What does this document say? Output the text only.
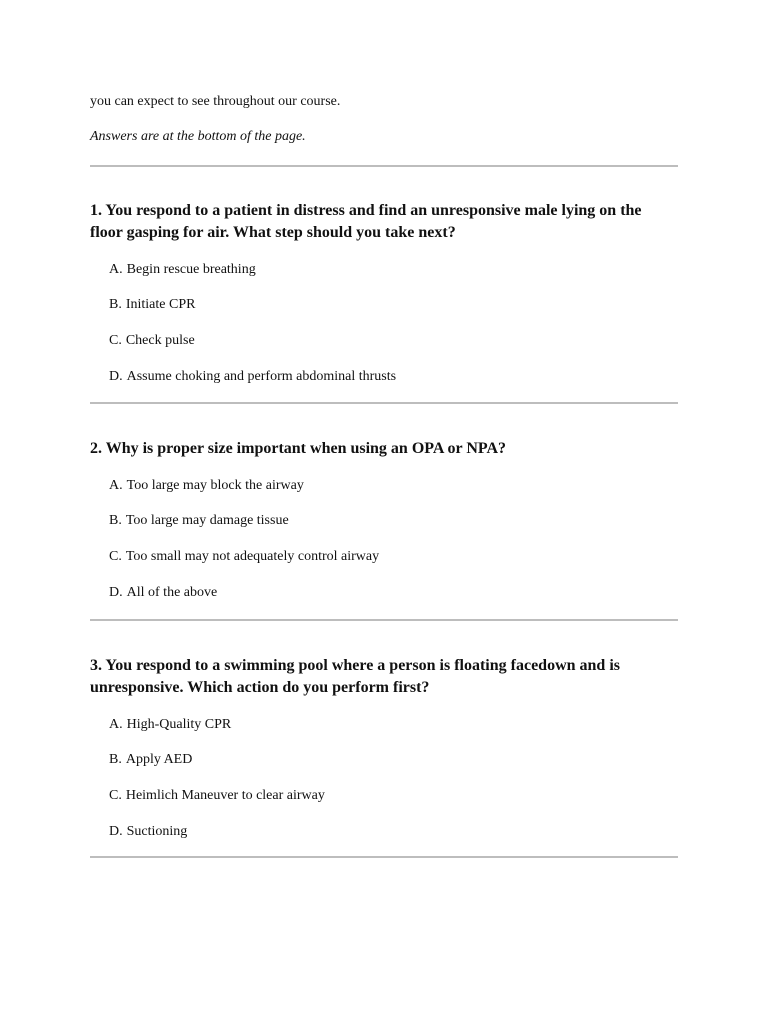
you can expect to see throughout our course.
Answers are at the bottom of the page.

1. You respond to a patient in distress and find an unresponsive male lying on the floor gasping for air. What step should you take next?

A. Begin rescue breathing
B. Initiate CPR
C. Check pulse
D. Assume choking and perform abdominal thrusts

2. Why is proper size important when using an OPA or NPA?

A. Too large may block the airway
B. Too large may damage tissue
C. Too small may not adequately control airway
D. All of the above

3. You respond to a swimming pool where a person is floating facedown and is unresponsive. Which action do you perform first?

A. High-Quality CPR
B. Apply AED
C. Heimlich Maneuver to clear airway
D. Suctioning
